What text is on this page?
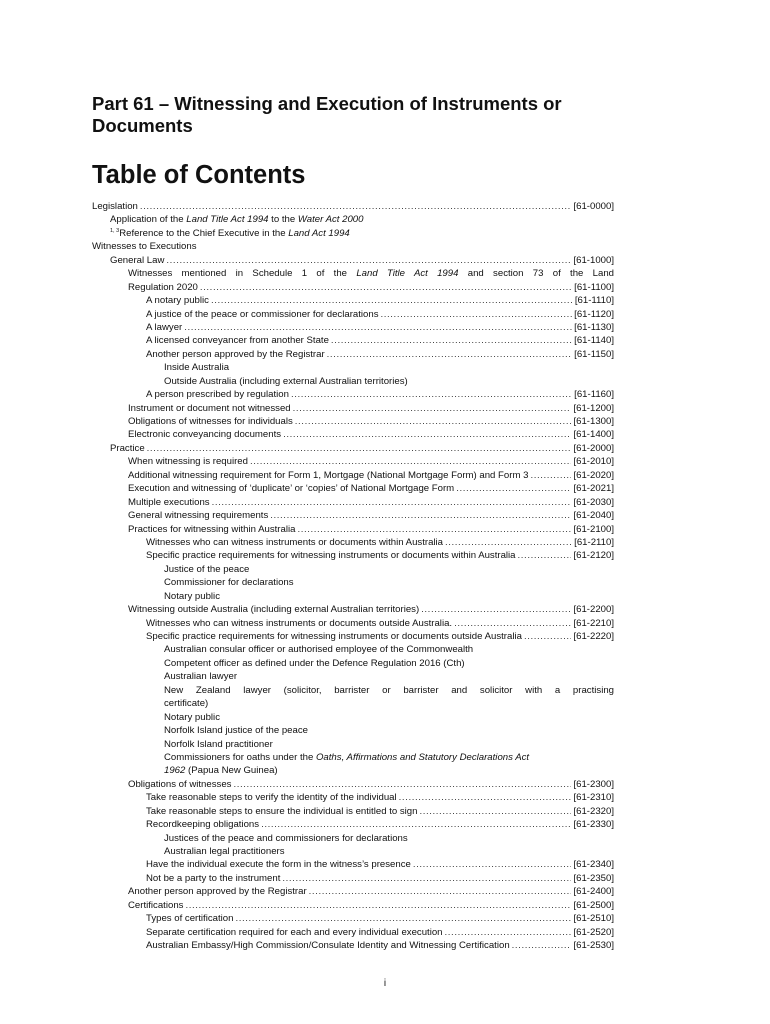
Part 61 – Witnessing and Execution of Instruments or Documents
Table of Contents
Legislation .....	[61-0000]
Application of the Land Title Act 1994 to the Water Act 2000
$^{1, 3}$Reference to the Chief Executive in the Land Act 1994
Witnesses to Executions
General Law .....	[61-1000]
Witnesses mentioned in Schedule 1 of the Land Title Act 1994 and section 73 of the Land
Regulation 2020 .....	[61-1100]
A notary public .....	[61-1110]
A justice of the peace or commissioner for declarations .....	[61-1120]
A lawyer .....	[61-1130]
A licensed conveyancer from another State .....	[61-1140]
Another person approved by the Registrar .....	[61-1150]
Inside Australia
Outside Australia (including external Australian territories)
A person prescribed by regulation .....	[61-1160]
Instrument or document not witnessed .....	[61-1200]
Obligations of witnesses for individuals .....	[61-1300]
Electronic conveyancing documents .....	[61-1400]
Practice .....	[61-2000]
When witnessing is required .....	[61-2010]
Additional witnessing requirement for Form 1, Mortgage (National Mortgage Form) and Form 3 .....	[61-2020]
Execution and witnessing of ‘duplicate’ or ‘copies’ of National Mortgage Form .....	[61-2021]
Multiple executions .....	[61-2030]
General witnessing requirements .....	[61-2040]
Practices for witnessing within Australia .....	[61-2100]
Witnesses who can witness instruments or documents within Australia .....	[61-2110]
Specific practice requirements for witnessing instruments or documents within Australia .....	[61-2120]
Justice of the peace
Commissioner for declarations
Notary public
Witnessing outside Australia (including external Australian territories) .....	[61-2200]
Witnesses who can witness instruments or documents outside Australia. .....	[61-2210]
Specific practice requirements for witnessing instruments or documents outside Australia .....	[61-2220]
Australian consular officer or authorised employee of the Commonwealth
Competent officer as defined under the Defence Regulation 2016 (Cth)
Australian lawyer
New Zealand lawyer (solicitor, barrister or barrister and solicitor with a practising
certificate)
Notary public
Norfolk Island justice of the peace
Norfolk Island practitioner
Commissioners for oaths under the Oaths, Affirmations and Statutory Declarations Act
1962 (Papua New Guinea)
Obligations of witnesses .....	[61-2300]
Take reasonable steps to verify the identity of the individual .....	[61-2310]
Take reasonable steps to ensure the individual is entitled to sign .....	[61-2320]
Recordkeeping obligations .....	[61-2330]
Justices of the peace and commissioners for declarations
Australian legal practitioners
Have the individual execute the form in the witness’s presence .....	[61-2340]
Not be a party to the instrument .....	[61-2350]
Another person approved by the Registrar .....	[61-2400]
Certifications .....	[61-2500]
Types of certification .....	[61-2510]
Separate certification required for each and every individual execution .....	[61-2520]
Australian Embassy/High Commission/Consulate Identity and Witnessing Certification .....	[61-2530]
i
